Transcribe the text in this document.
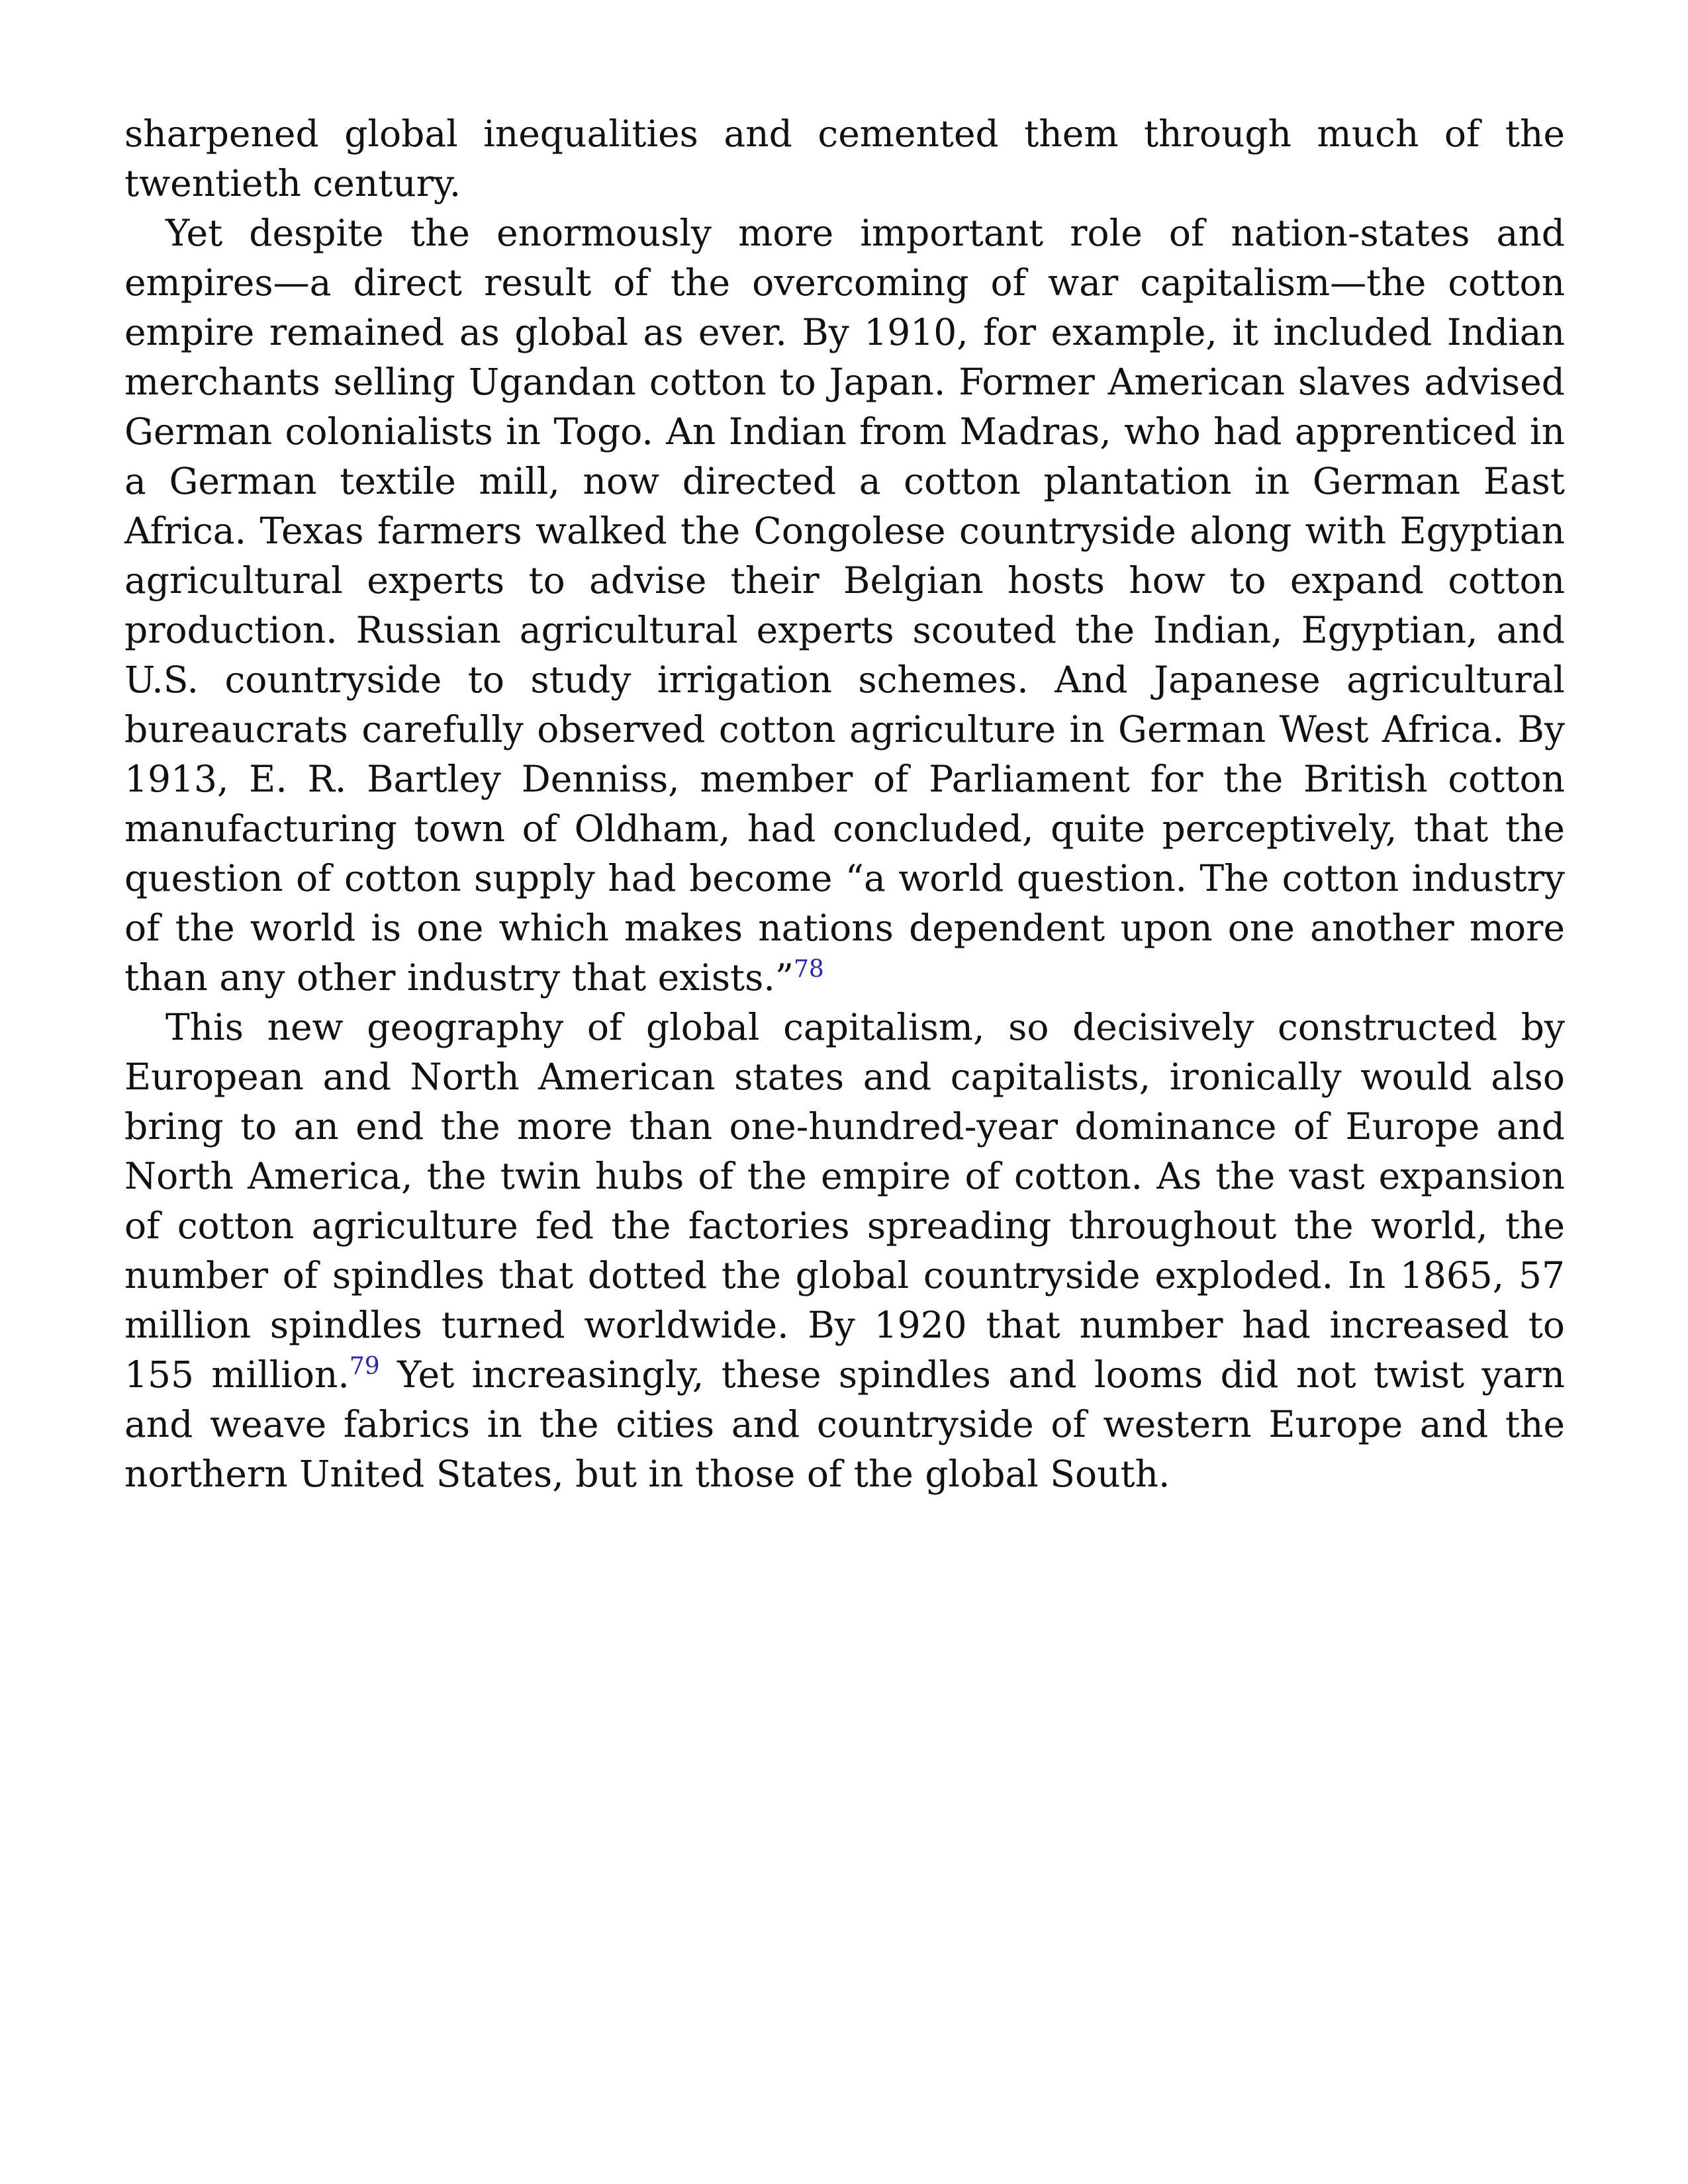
sharpened global inequalities and cemented them through much of the twentieth century.

Yet despite the enormously more important role of nation-states and empires—a direct result of the overcoming of war capitalism—the cotton empire remained as global as ever. By 1910, for example, it included Indian merchants selling Ugandan cotton to Japan. Former American slaves advised German colonialists in Togo. An Indian from Madras, who had apprenticed in a German textile mill, now directed a cotton plantation in German East Africa. Texas farmers walked the Congolese countryside along with Egyptian agricultural experts to advise their Belgian hosts how to expand cotton production. Russian agricultural experts scouted the Indian, Egyptian, and U.S. countryside to study irrigation schemes. And Japanese agricultural bureaucrats carefully observed cotton agriculture in German West Africa. By 1913, E. R. Bartley Denniss, member of Parliament for the British cotton manufacturing town of Oldham, had concluded, quite perceptively, that the question of cotton supply had become “a world question. The cotton industry of the world is one which makes nations dependent upon one another more than any other industry that exists.”$^{78}$

This new geography of global capitalism, so decisively constructed by European and North American states and capitalists, ironically would also bring to an end the more than one-hundred-year dominance of Europe and North America, the twin hubs of the empire of cotton. As the vast expansion of cotton agriculture fed the factories spreading throughout the world, the number of spindles that dotted the global countryside exploded. In 1865, 57 million spindles turned worldwide. By 1920 that number had increased to 155 million.$^{79}$ Yet increasingly, these spindles and looms did not twist yarn and weave fabrics in the cities and countryside of western Europe and the northern United States, but in those of the global South.
